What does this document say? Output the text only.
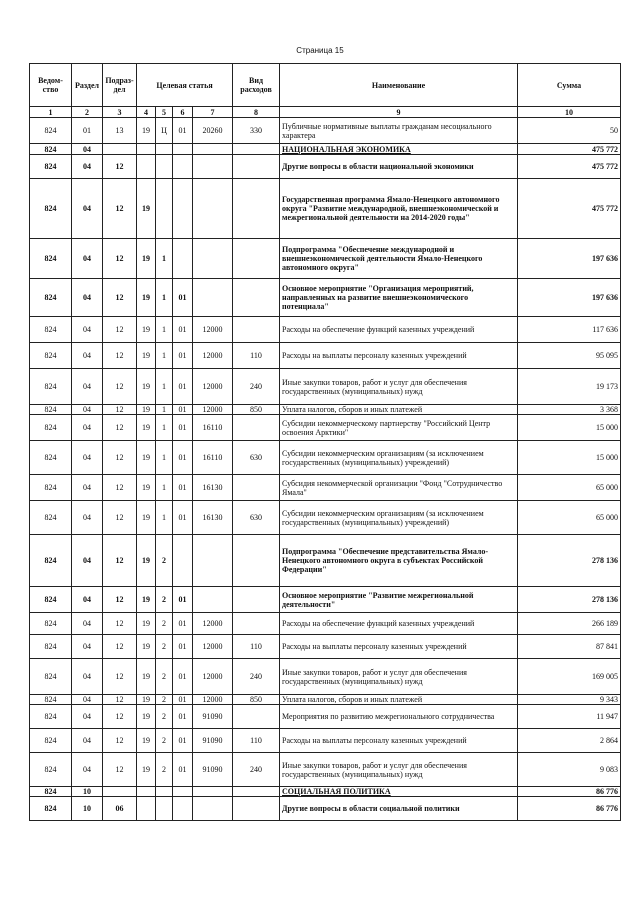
Страница 15
Ведом-ство	Раздел	Подраз-дел	Целевая статья				Вид расходов	Наименование	Сумма
1	2	3	4	5	6	7	8	9	10
824	01	13	19	Ц	01	20260	330	Публичные нормативные выплаты гражданам несоциального характера	50
824	04							НАЦИОНАЛЬНАЯ ЭКОНОМИКА	475 772
824	04	12						Другие вопросы в области национальной экономики	475 772
824	04	12	19					Государственная программа Ямало-Ненецкого автономного округа "Развитие международной, внешнеэкономической и межрегиональной деятельности на 2014-2020 годы"	475 772
824	04	12	19	1				Подпрограмма "Обеспечение международной и внешнеэкономической деятельности Ямало-Ненецкого автономного округа"	197 636
824	04	12	19	1	01			Основное мероприятие "Организация мероприятий, направленных на развитие внешнеэкономического потенциала"	197 636
824	04	12	19	1	01	12000		Расходы на обеспечение функций казенных учреждений	117 636
824	04	12	19	1	01	12000	110	Расходы на выплаты персоналу казенных учреждений	95 095
824	04	12	19	1	01	12000	240	Иные закупки товаров, работ и услуг для обеспечения государственных (муниципальных) нужд	19 173
824	04	12	19	1	01	12000	850	Уплата налогов, сборов и иных платежей	3 368
824	04	12	19	1	01	16110		Субсидии некоммерческому партнерству "Российский Центр освоения Арктики"	15 000
824	04	12	19	1	01	16110	630	Субсидии некоммерческим организациям (за исключением государственных (муниципальных) учреждений)	15 000
824	04	12	19	1	01	16130		Субсидия некоммерческой организации "Фонд "Сотрудничество Ямала"	65 000
824	04	12	19	1	01	16130	630	Субсидии некоммерческим организациям (за исключением государственных (муниципальных) учреждений)	65 000
824	04	12	19	2				Подпрограмма "Обеспечение представительства Ямало-Ненецкого автономного округа в субъектах Российской Федерации"	278 136
824	04	12	19	2	01			Основное мероприятие "Развитие межрегиональной деятельности"	278 136
824	04	12	19	2	01	12000		Расходы на обеспечение функций казенных учреждений	266 189
824	04	12	19	2	01	12000	110	Расходы на выплаты персоналу казенных учреждений	87 841
824	04	12	19	2	01	12000	240	Иные закупки товаров, работ и услуг для обеспечения государственных (муниципальных) нужд	169 005
824	04	12	19	2	01	12000	850	Уплата налогов, сборов и иных платежей	9 343
824	04	12	19	2	01	91090		Мероприятия по развитию межрегионального сотрудничества	11 947
824	04	12	19	2	01	91090	110	Расходы на выплаты персоналу казенных учреждений	2 864
824	04	12	19	2	01	91090	240	Иные закупки товаров, работ и услуг для обеспечения государственных (муниципальных) нужд	9 083
824	10							СОЦИАЛЬНАЯ ПОЛИТИКА	86 776
824	10	06						Другие вопросы в области социальной политики	86 776
